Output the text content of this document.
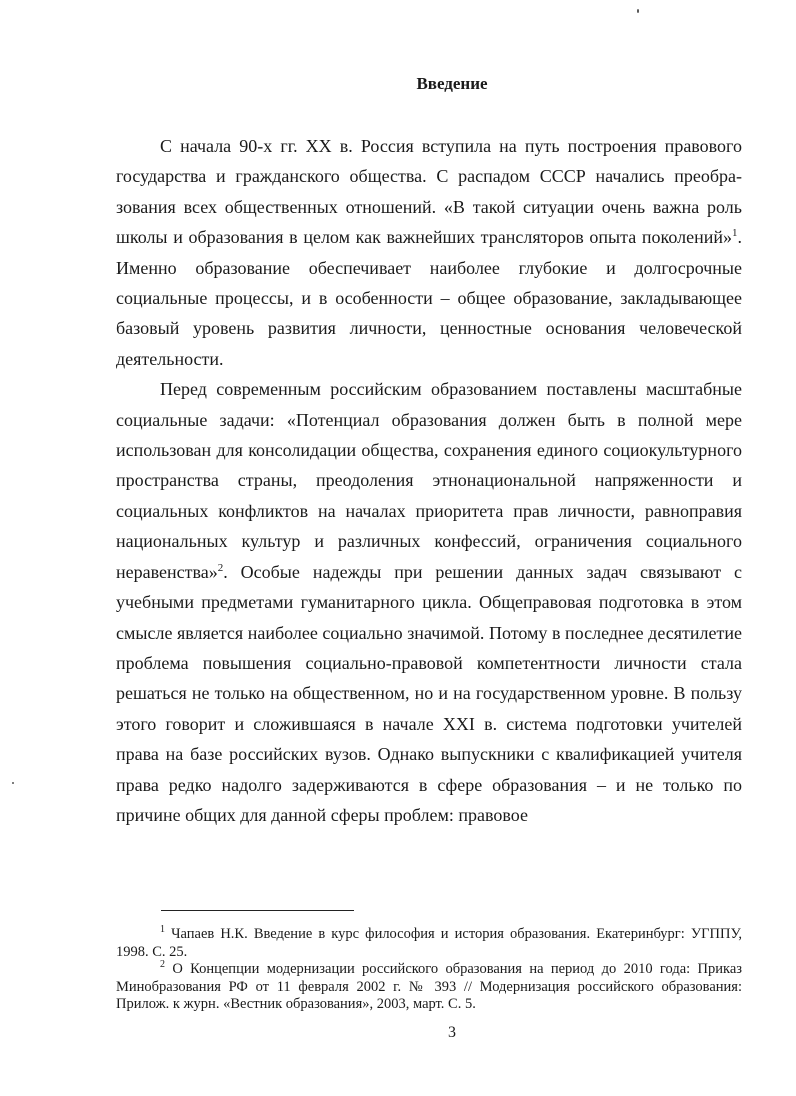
Введение

С начала 90-х гг. XX в. Россия вступила на путь построения правового государства и гражданского общества. С распадом СССР начались преобразования всех общественных отношений. «В такой ситуации очень важна роль школы и образования в целом как важнейших трансляторов опыта поколений»$^1$. Именно образование обеспечивает наиболее глубокие и долгосрочные социальные процессы, и в особенности – общее образование, закладывающее базовый уровень развития личности, ценностные основания человеческой деятельности.

Перед современным российским образованием поставлены масштабные социальные задачи: «Потенциал образования должен быть в полной мере использован для консолидации общества, сохранения единого социокультурного пространства страны, преодоления этнонациональной напряженности и социальных конфликтов на началах приоритета прав личности, равноправия национальных культур и различных конфессий, ограничения социального неравенства»$^2$. Особые надежды при решении данных задач связывают с учебными предметами гуманитарного цикла. Общеправовая подготовка в этом смысле является наиболее социально значимой. Потому в последнее десятилетие проблема повышения социально-правовой компетентности личности стала решаться не только на общественном, но и на государственном уровне. В пользу этого говорит и сложившаяся в начале XXI в. система подготовки учителей права на базе российских вузов. Однако выпускники с квалификацией учителя права редко надолго задерживаются в сфере образования – и не только по причине общих для данной сферы проблем: правовое

$^1$ Чапаев Н.К. Введение в курс философия и история образования. Екатеринбург: УГППУ, 1998. С. 25.

$^2$ О Концепции модернизации российского образования на период до 2010 года: Приказ Минобразования РФ от 11 февраля 2002 г. № 393 // Модернизация российского образования: Прилож. к журн. «Вестник образования», 2003, март. С. 5.

3
